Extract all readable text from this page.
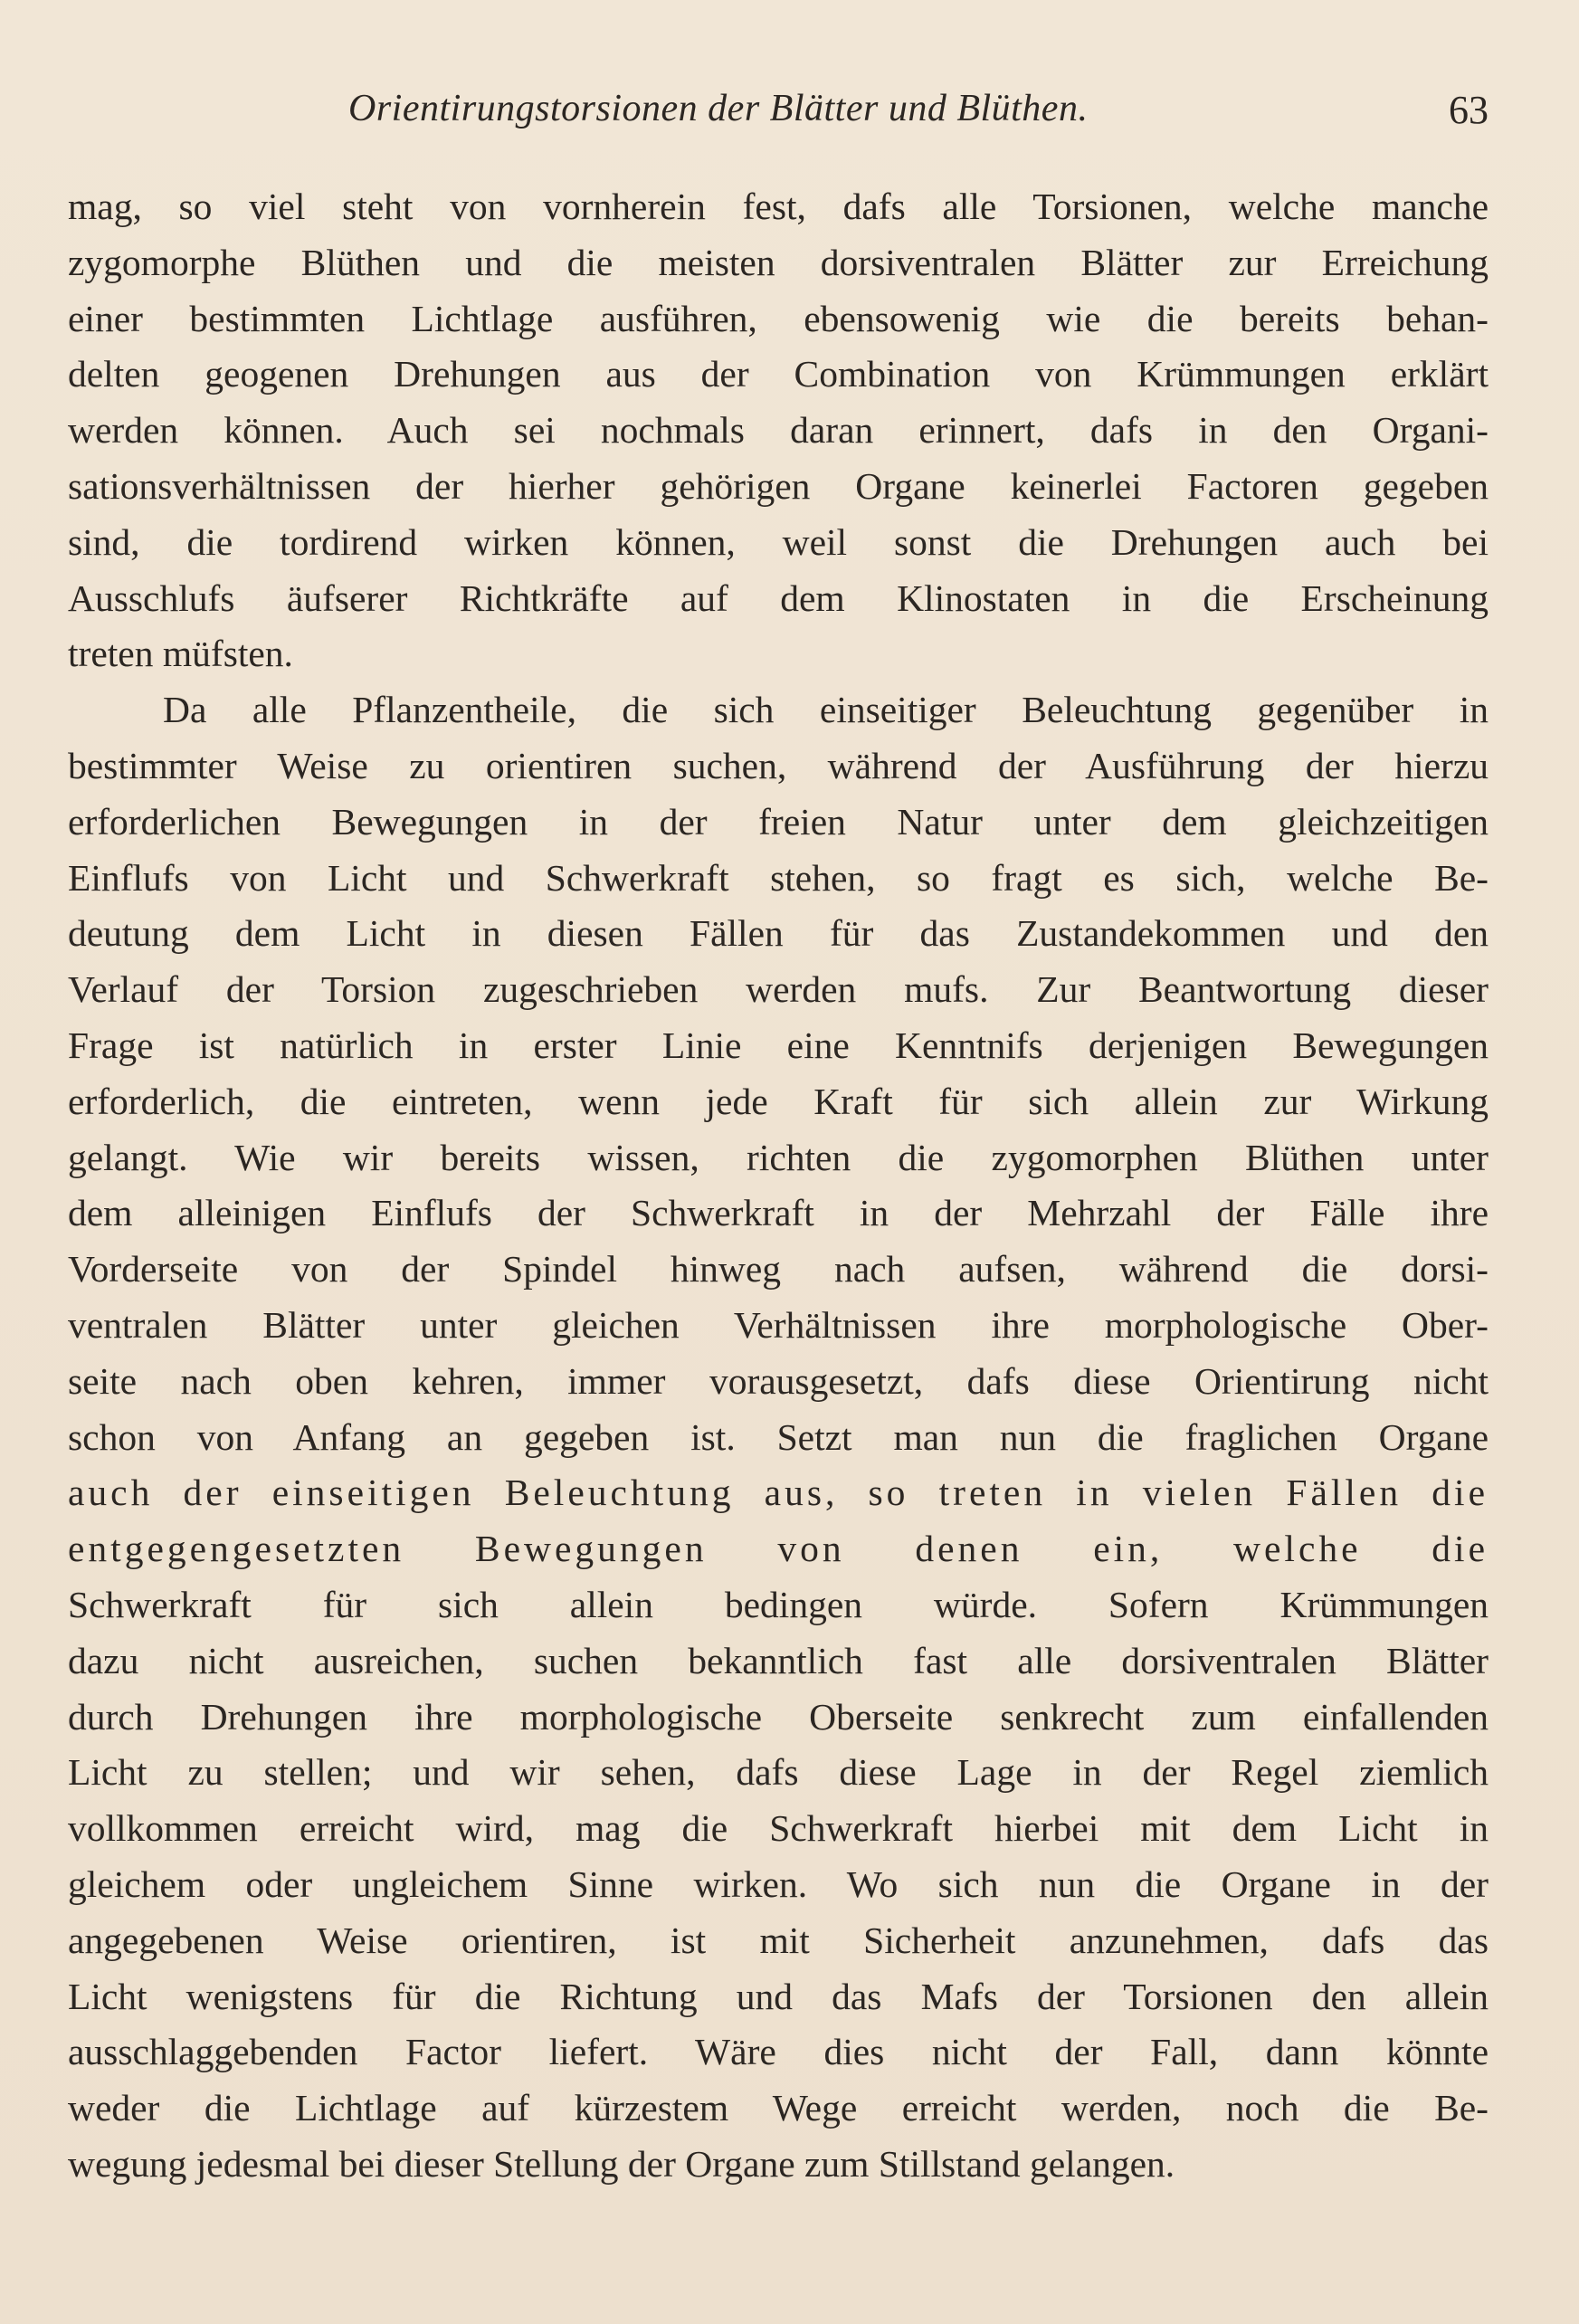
Orientirungstorsionen der Blätter und Blüthen.	63
mag, so viel steht von vornherein fest, dafs alle Torsionen, welche manche
zygomorphe Blüthen und die meisten dorsiventralen Blätter zur Erreichung
einer bestimmten Lichtlage ausführen, ebensowenig wie die bereits behan-
delten geogenen Drehungen aus der Combination von Krümmungen erklärt
werden können. Auch sei nochmals daran erinnert, dafs in den Organi-
sationsverhältnissen der hierher gehörigen Organe keinerlei Factoren gegeben
sind, die tordirend wirken können, weil sonst die Drehungen auch bei
Ausschlufs äufserer Richtkräfte auf dem Klinostaten in die Erscheinung
treten müfsten.
Da alle Pflanzentheile, die sich einseitiger Beleuchtung gegenüber in
bestimmter Weise zu orientiren suchen, während der Ausführung der hierzu
erforderlichen Bewegungen in der freien Natur unter dem gleichzeitigen
Einflufs von Licht und Schwerkraft stehen, so fragt es sich, welche Be-
deutung dem Licht in diesen Fällen für das Zustandekommen und den
Verlauf der Torsion zugeschrieben werden mufs. Zur Beantwortung dieser
Frage ist natürlich in erster Linie eine Kenntnifs derjenigen Bewegungen
erforderlich, die eintreten, wenn jede Kraft für sich allein zur Wirkung
gelangt. Wie wir bereits wissen, richten die zygomorphen Blüthen unter
dem alleinigen Einflufs der Schwerkraft in der Mehrzahl der Fälle ihre
Vorderseite von der Spindel hinweg nach aufsen, während die dorsi-
ventralen Blätter unter gleichen Verhältnissen ihre morphologische Ober-
seite nach oben kehren, immer vorausgesetzt, dafs diese Orientirung nicht
schon von Anfang an gegeben ist. Setzt man nun die fraglichen Organe
auch der einseitigen Beleuchtung aus, so treten in vielen Fällen die
entgegengesetzten Bewegungen von denen ein, welche die
Schwerkraft für sich allein bedingen würde. Sofern Krümmungen
dazu nicht ausreichen, suchen bekanntlich fast alle dorsiventralen Blätter
durch Drehungen ihre morphologische Oberseite senkrecht zum einfallenden
Licht zu stellen; und wir sehen, dafs diese Lage in der Regel ziemlich
vollkommen erreicht wird, mag die Schwerkraft hierbei mit dem Licht in
gleichem oder ungleichem Sinne wirken. Wo sich nun die Organe in der
angegebenen Weise orientiren, ist mit Sicherheit anzunehmen, dafs das
Licht wenigstens für die Richtung und das Mafs der Torsionen den allein
ausschlaggebenden Factor liefert. Wäre dies nicht der Fall, dann könnte
weder die Lichtlage auf kürzestem Wege erreicht werden, noch die Be-
wegung jedesmal bei dieser Stellung der Organe zum Stillstand gelangen.
